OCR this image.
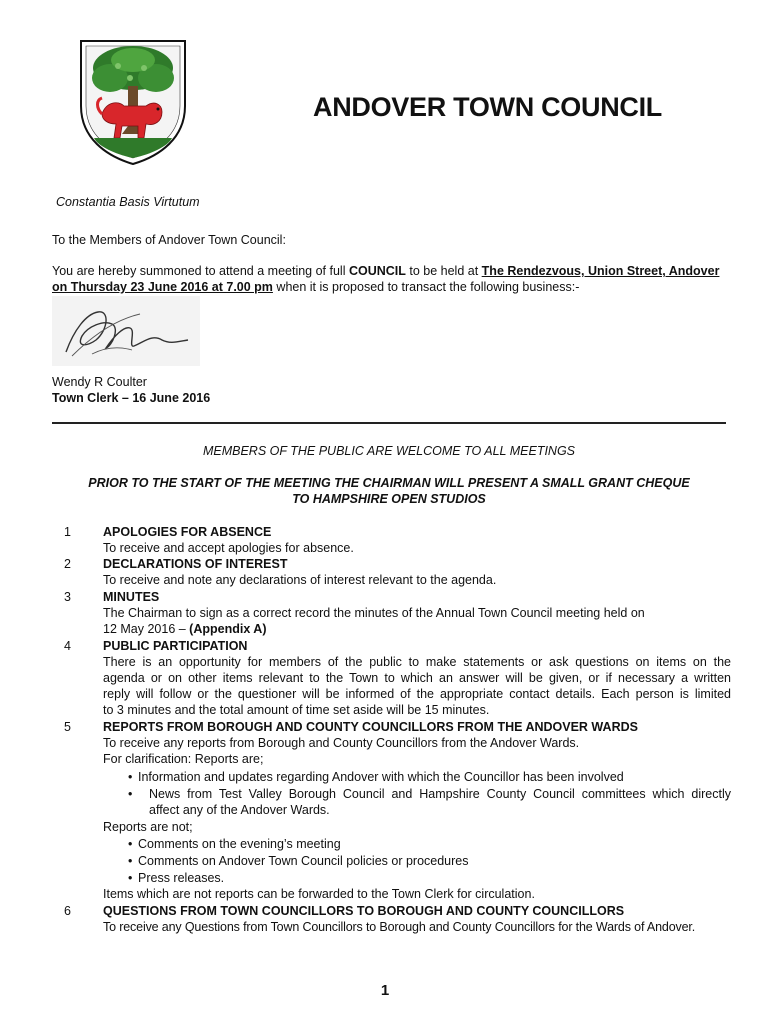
ANDOVER TOWN COUNCIL
Constantia Basis Virtutum
To the Members of Andover Town Council:
You are hereby summoned to attend a meeting of full COUNCIL to be held at The Rendezvous, Union Street, Andover
on Thursday 23 June 2016 at 7.00 pm when it is proposed to transact the following business:-
Wendy R Coulter
Town Clerk – 16 June 2016
MEMBERS OF THE PUBLIC ARE WELCOME TO ALL MEETINGS
PRIOR TO THE START OF THE MEETING THE CHAIRMAN WILL PRESENT A SMALL GRANT CHEQUE
TO HAMPSHIRE OPEN STUDIOS
1	APOLOGIES FOR ABSENCE
To receive and accept apologies for absence.
2	DECLARATIONS OF INTEREST
To receive and note any declarations of interest relevant to the agenda.
3	MINUTES
The Chairman to sign as a correct record the minutes of the Annual Town Council meeting held on
12 May 2016 – (Appendix A)
4	PUBLIC PARTICIPATION
There is an opportunity for members of the public to make statements or ask questions on items on the
agenda or on other items relevant to the Town to which an answer will be given, or if necessary a written
reply will follow or the questioner will be informed of the appropriate contact details. Each person is limited
to 3 minutes and the total amount of time set aside will be 15 minutes.
5	REPORTS FROM BOROUGH AND COUNTY COUNCILLORS FROM THE ANDOVER WARDS
To receive any reports from Borough and County Councillors from the Andover Wards.
For clarification: Reports are;
• Information and updates regarding Andover with which the Councillor has been involved
• News from Test Valley Borough Council and Hampshire County Council committees which directly
affect any of the Andover Wards.
Reports are not;
• Comments on the evening’s meeting
• Comments on Andover Town Council policies or procedures
• Press releases.
Items which are not reports can be forwarded to the Town Clerk for circulation.
6	QUESTIONS FROM TOWN COUNCILLORS TO BOROUGH AND COUNTY COUNCILLORS
To receive any Questions from Town Councillors to Borough and County Councillors for the Wards of Andover.
1
